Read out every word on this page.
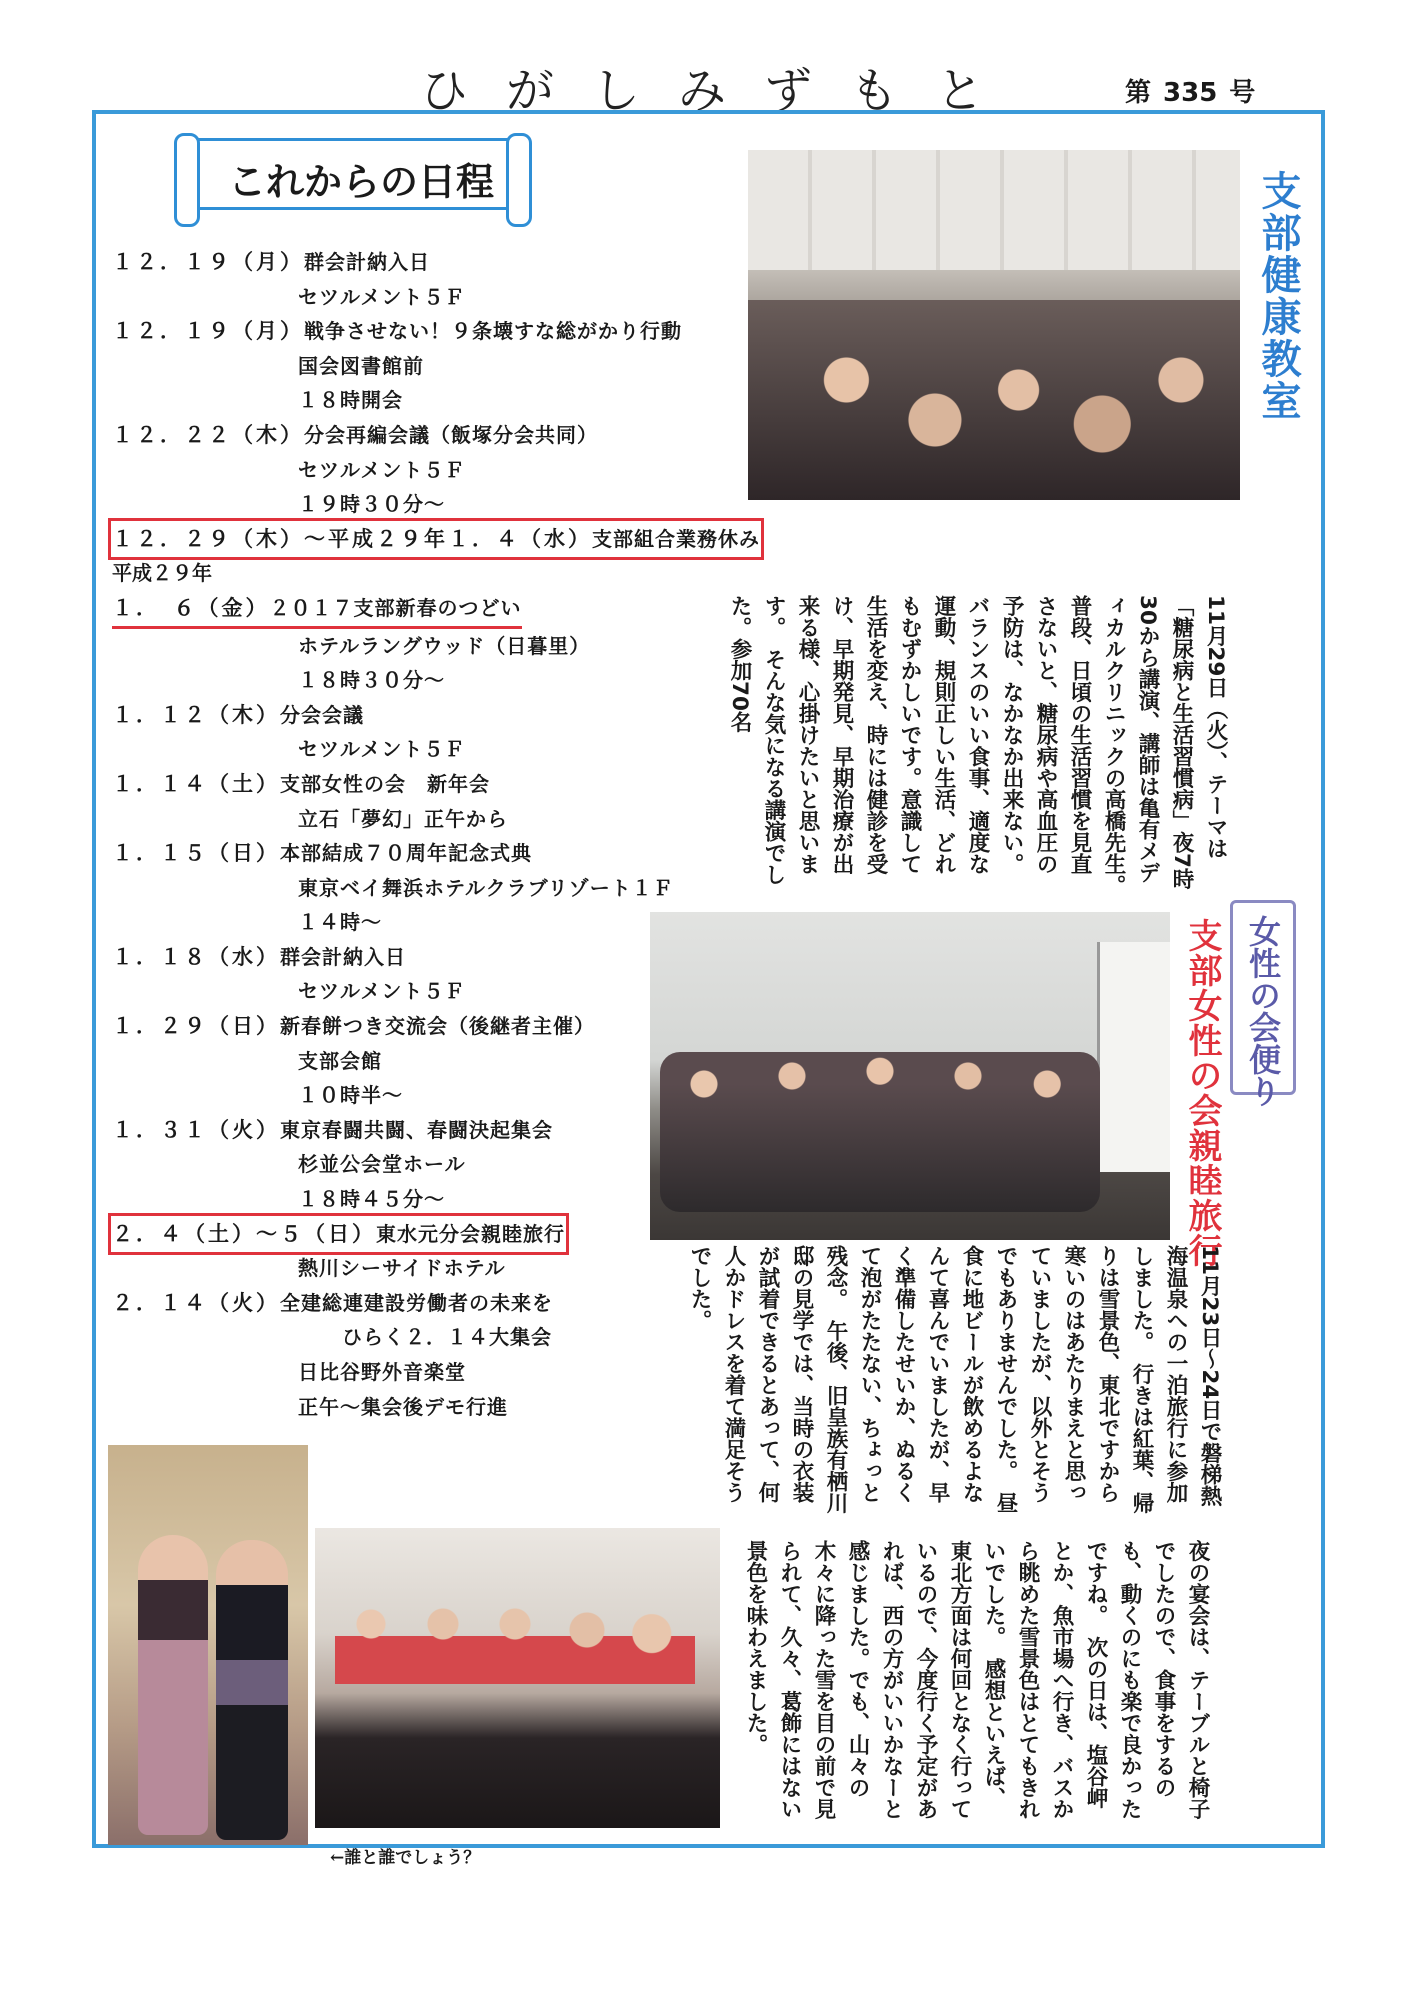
ひがしみずもと	第 335 号
これからの日程
１２．１９（月）群会計納入日
セツルメント５Ｆ
１２．１９（月）戦争させない！９条壊すな総がかり行動
国会図書館前
１８時開会
１２．２２（木）分会再編会議（飯塚分会共同）
セツルメント５Ｆ
１９時３０分～
１２．２９（木）～平成２９年１．４（水）支部組合業務休み

平成２９年
１．　６（金）２０１７支部新春のつどい

ホテルラングウッド（日暮里）
１８時３０分～
１．１２（木）分会会議
セツルメント５Ｆ
１．１４（土）支部女性の会　新年会
立石「夢幻」正午から
１．１５（日）本部結成７０周年記念式典
東京ベイ舞浜ホテルクラブリゾート１Ｆ
１４時～
１．１８（水）群会計納入日
セツルメント５Ｆ
１．２９（日）新春餅つき交流会（後継者主催）
支部会館
１０時半～
１．３１（火）東京春闘共闘、春闘決起集会
杉並公会堂ホール
１８時４５分～
２．４（土）～５（日）東水元分会親睦旅行

熱川シーサイドホテル
２．１４（火）全建総連建設労働者の未来を
ひらく２．１４大集会
日比谷野外音楽堂
正午～集会後デモ行進
←誰と誰でしょう？
支部健康教室
11月29日（火）、テーマは「糖尿病と生活習慣病」夜7時30から講演、講師は亀有メディカルクリニックの高橋先生。　普段、日頃の生活習慣を見直さないと、糖尿病や高血圧の予防は、なかなか出来ない。バランスのいい食事、適度な運動、規則正しい生活、どれもむずかしいです。意識して生活を変え、時には健診を受け、早期発見、早期治療が出来る様、心掛けたいと思います。　そんな気になる講演でした。参加70名
女性の会便り
支部女性の会親睦旅行
11月23日～24日で磐梯熱海温泉への一泊旅行に参加しました。　行きは紅葉、帰りは雪景色、東北ですから寒いのはあたりまえと思っていましたが、以外とそうでもありませんでした。　昼食に地ビールが飲めるよなんて喜んでいましたが、早く準備したせいか、ぬるくて泡がたたない、ちょっと残念。　午後、旧皇族有栖川邸の見学では、当時の衣装が試着できるとあって、何人かドレスを着て満足そうでした。
夜の宴会は、テーブルと椅子でしたので、食事をするのも、動くのにも楽で良かったですね。　次の日は、塩谷岬とか、魚市場へ行き、バスから眺めた雪景色はとてもきれいでした。　感想といえば、東北方面は何回となく行っているので、今度行く予定があれば、西の方がいいかなーと感じました。でも、山々の木々に降った雪を目の前で見られて、久々、葛飾にはない景色を味わえました。
